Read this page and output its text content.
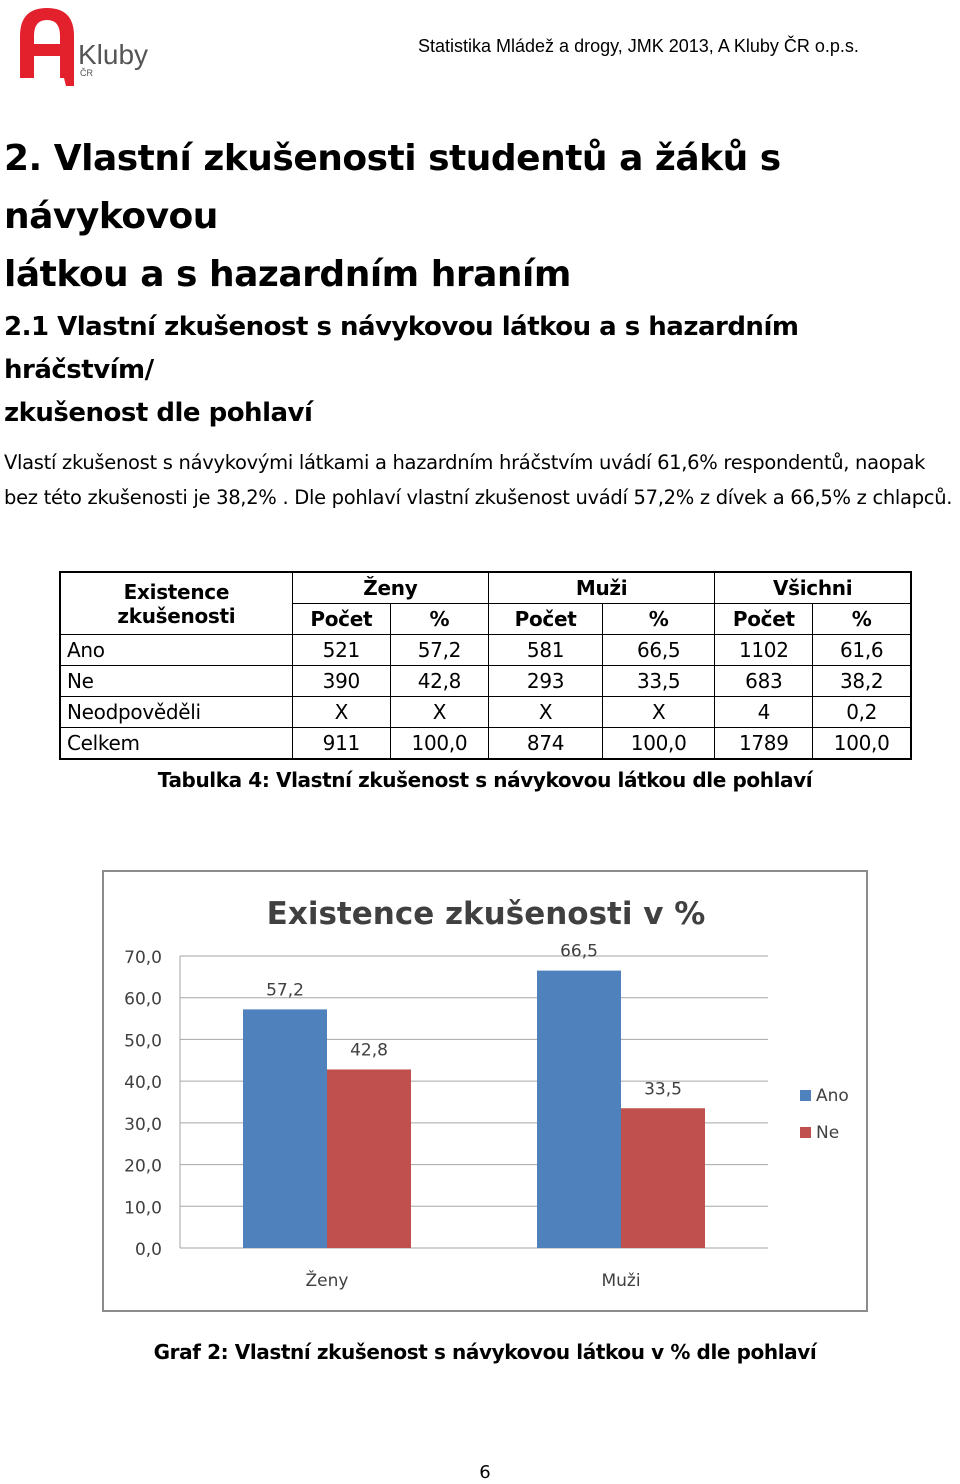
Kluby
ČR
Statistika Mládež a drogy, JMK 2013, A Kluby ČR o.p.s.
2. Vlastní zkušenosti studentů a žáků s návykovou
látkou a s hazardním hraním
2.1 Vlastní zkušenost s návykovou látkou a s hazardním hráčstvím/
zkušenost dle pohlaví

Vlastí zkušenost s návykovými látkami a hazardním hráčstvím uvádí 61,6% respondentů, naopak bez této zkušenosti je 38,2% . Dle pohlaví vlastní zkušenost uvádí 57,2% z dívek a 66,5% z chlapců.

Existence zkušenosti	Ženy		Muži		Všichni	
	Počet	%	Počet	%	Počet	%
Ano	521	57,2	581	66,5	1102	61,6
Ne	390	42,8	293	33,5	683	38,2
Neodpověděli	X	X	X	X	4	0,2
Celkem	911	100,0	874	100,0	1789	100,0
Tabulka 4: Vlastní zkušenost s návykovou látkou dle pohlaví
Existence zkušenosti v %
0,0
10,0
20,0
30,0
40,0
50,0
60,0
70,0
57,2
42,8
Ženy
66,5
33,5
Muži
Ano
Ne
Graf 2: Vlastní zkušenost s návykovou látkou v % dle pohlaví
6
